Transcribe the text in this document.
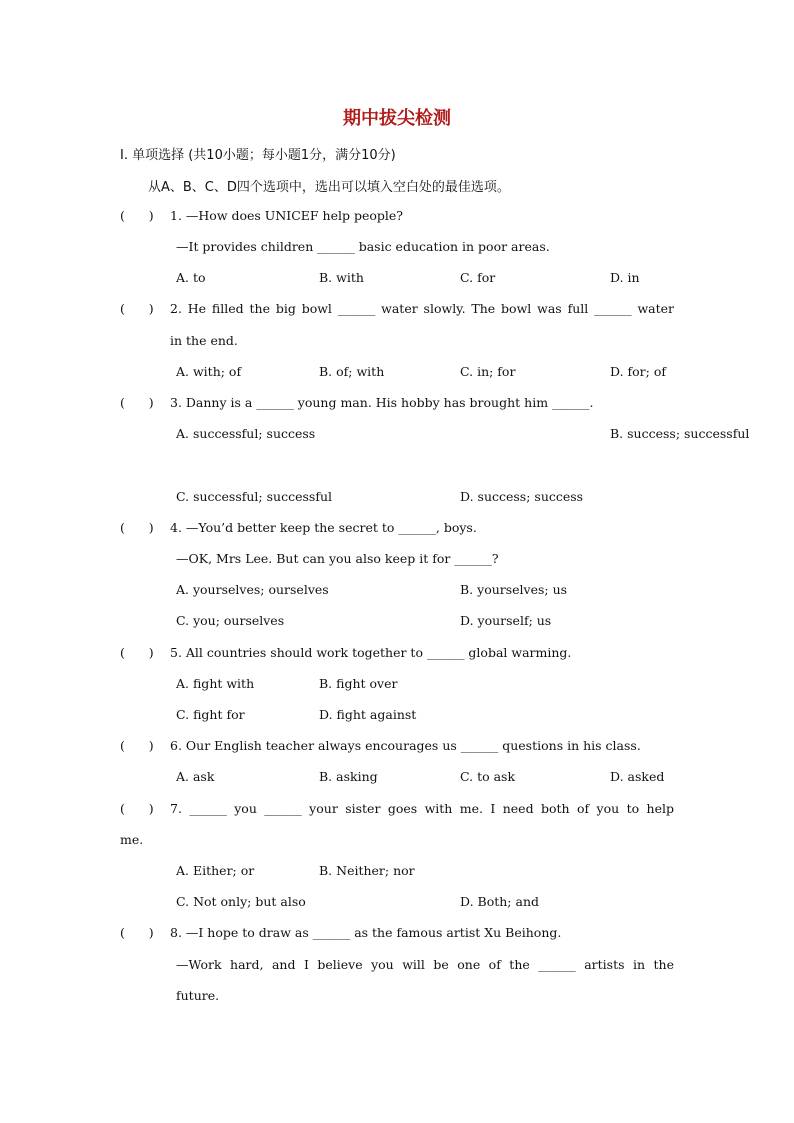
期中拔尖检测
I. 单项选择 (共10小题；每小题1分，满分10分)
从A、B、C、D四个选项中，选出可以填入空白处的最佳选项。
(      ) 1. —How does UNICEF help people?
—It provides children ______ basic education in poor areas.
A. to	B. with	C. for	D. in
(      ) 2. He filled the big bowl ______ water slowly. The bowl was full ______ water
in the end.
A. with; of	B. of; with	C. in; for	D. for; of
(      ) 3. Danny is a ______ young man. His hobby has brought him ______.
A. successful; success	B. success; successful
C. successful; successful	D. success; success
(      ) 4. —You’d better keep the secret to ______, boys.
—OK, Mrs Lee. But can you also keep it for ______?
A. yourselves; ourselves	B. yourselves; us
C. you; ourselves	D. yourself; us
(      ) 5. All countries should work together to ______ global warming.
A. fight with	B. fight over
C. fight for	D. fight against
(      ) 6. Our English teacher always encourages us ______ questions in his class.
A. ask	B. asking	C. to ask	D. asked
(      ) 7. ______ you ______ your sister goes with me. I need both of you to help
me.
A. Either; or	B. Neither; nor
C. Not only; but also	D. Both; and
(      ) 8. —I hope to draw as ______ as the famous artist Xu Beihong.
—Work hard, and I believe you will be one of the ______ artists in the
future.
